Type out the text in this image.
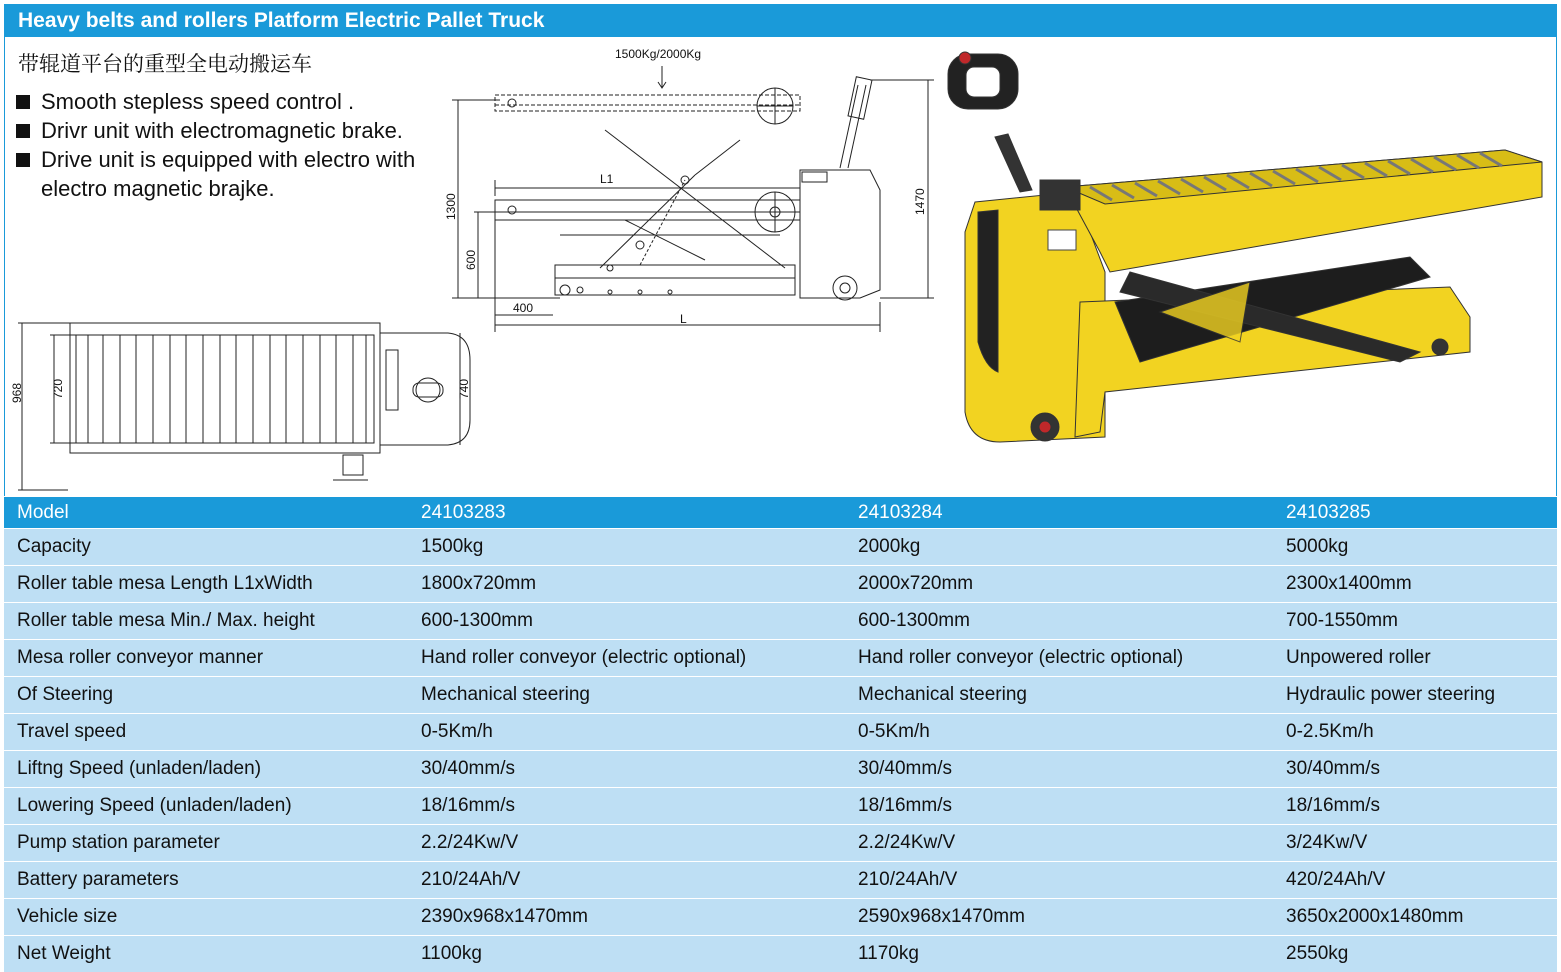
Heavy belts and rollers Platform Electric Pallet Truck
带辊道平台的重型全电动搬运车
Smooth stepless speed control .
Drivr unit with electromagnetic brake.
Drive unit is equipped with electro with electro magnetic brajke.
1500Kg/2000Kg
L1
1300
600
1470
400
L
968 720	740
Model	24103283	24103284	24103285
Capacity	1500kg	2000kg	5000kg
Roller table mesa Length L1xWidth	1800x720mm	2000x720mm	2300x1400mm
Roller table mesa Min./ Max. height	600-1300mm	600-1300mm	700-1550mm
Mesa roller conveyor manner	Hand roller conveyor (electric optional)	Hand roller conveyor (electric optional)	Unpowered roller
Of Steering	Mechanical steering	Mechanical steering	Hydraulic power steering
Travel speed	0-5Km/h	0-5Km/h	0-2.5Km/h
Liftng Speed (unladen/laden)	30/40mm/s	30/40mm/s	30/40mm/s
Lowering Speed (unladen/laden)	18/16mm/s	18/16mm/s	18/16mm/s
Pump station parameter	2.2/24Kw/V	2.2/24Kw/V	3/24Kw/V
Battery parameters	210/24Ah/V	210/24Ah/V	420/24Ah/V
Vehicle size	2390x968x1470mm	2590x968x1470mm	3650x2000x1480mm
Net Weight	1100kg	1170kg	2550kg
